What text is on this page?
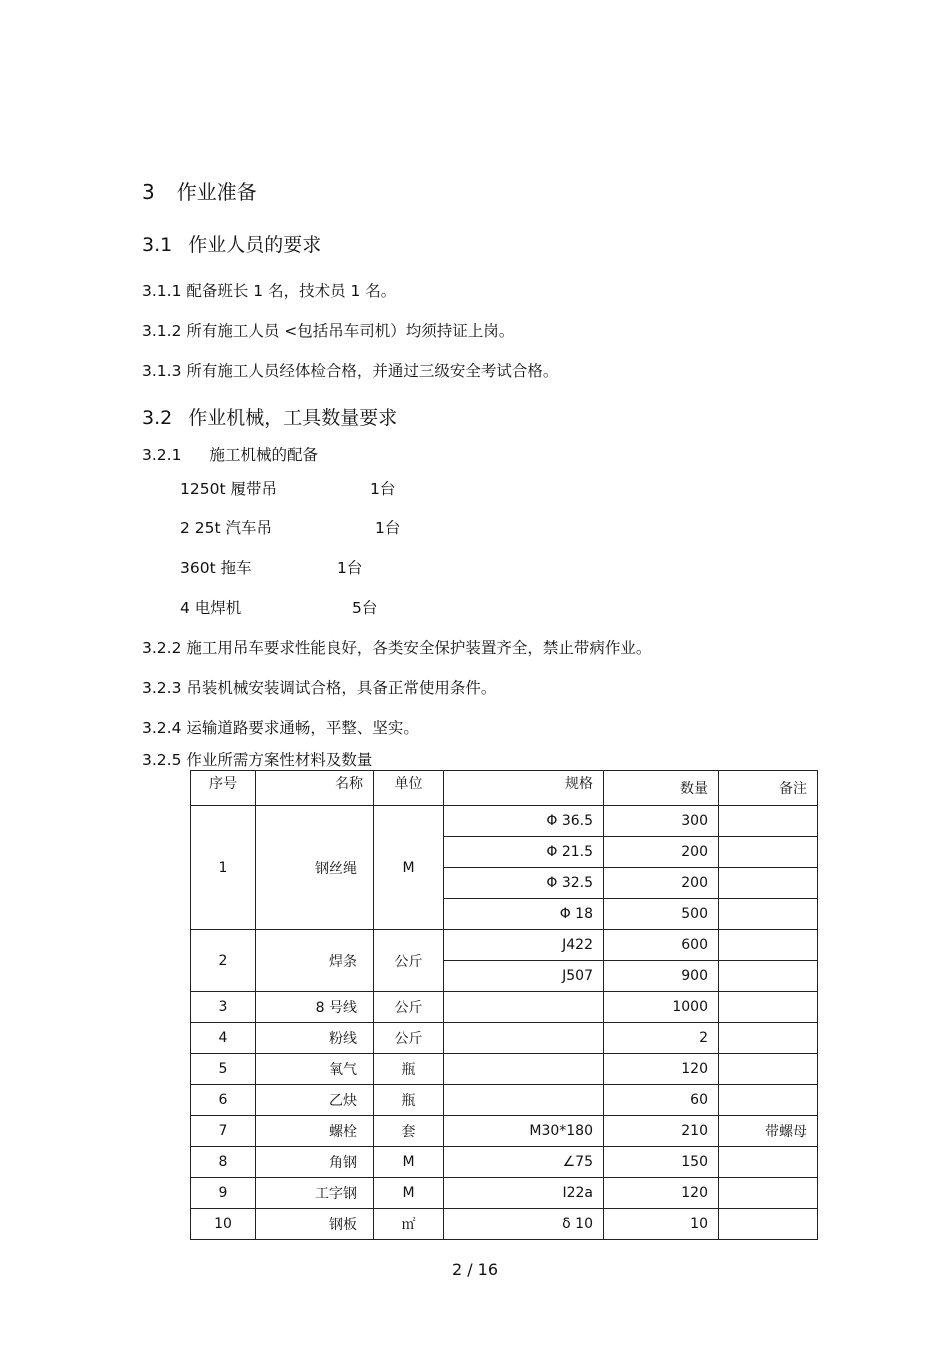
3 作业准备
3.1 作业人员的要求
3.1.1 配备班长 1 名，技术员 1 名。
3.1.2 所有施工人员 <包括吊车司机）均须持证上岗。
3.1.3 所有施工人员经体检合格，并通过三级安全考试合格。
3.2 作业机械，工具数量要求
3.2.1 施工机械的配备
1250t 履带吊	1台
2 25t 汽车吊	1台
360t 拖车	1台
4 电焊机	5台
3.2.2 施工用吊车要求性能良好，各类安全保护装置齐全，禁止带病作业。
3.2.3 吊装机械安装调试合格，具备正常使用条件。
3.2.4 运输道路要求通畅，平整、坚实。
3.2.5 作业所需方案性材料及数量
序号	名称	单位	规格	数量	备注
1	钢丝绳	M	Φ 36.5	300	
			Φ 21.5	200	
			Φ 32.5	200	
			Φ 18	500	
2	焊条	公斤	J422	600	
			J507	900	
3	8 号线	公斤		1000	
4	粉线	公斤		2	
5	氧气	瓶		120	
6	乙炔	瓶		60	
7	螺栓	套	M30*180	210	带螺母
8	角钢	M	∠75	150	
9	工字钢	M	I22a	120	
10	钢板	㎡	δ 10	10	
2 / 16
